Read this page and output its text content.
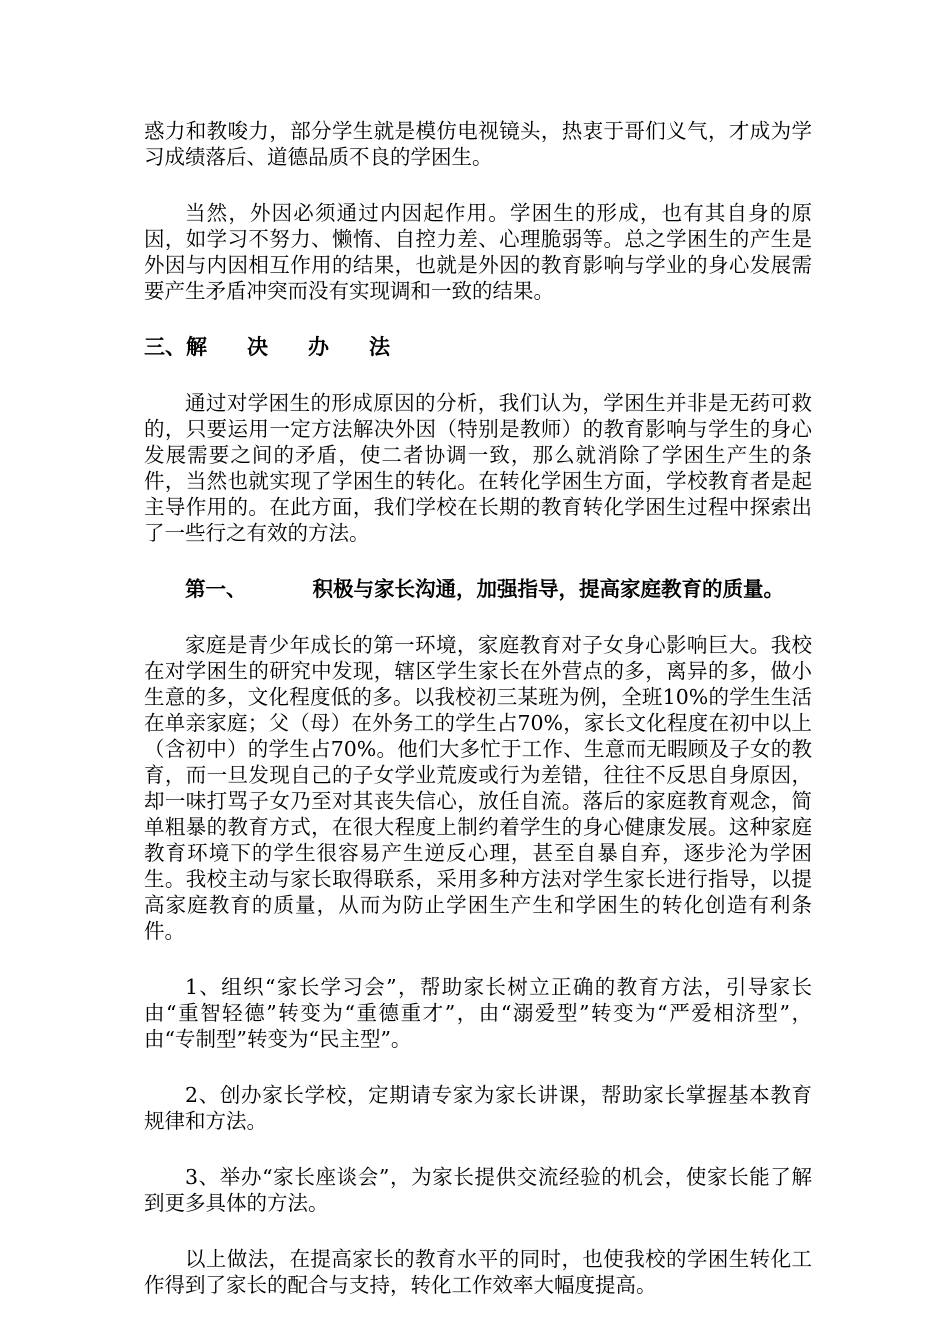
惑力和教唆力，部分学生就是模仿电视镜头，热衷于哥们义气，才成为学习成绩落后、道德品质不良的学困生。

当然，外因必须通过内因起作用。学困生的形成，也有其自身的原因，如学习不努力、懒惰、自控力差、心理脆弱等。总之学困生的产生是外因与内因相互作用的结果，也就是外因的教育影响与学业的身心发展需要产生矛盾冲突而没有实现调和一致的结果。

三、解 决 办 法

通过对学困生的形成原因的分析，我们认为，学困生并非是无药可救的，只要运用一定方法解决外因（特别是教师）的教育影响与学生的身心发展需要之间的矛盾，使二者协调一致，那么就消除了学困生产生的条件，当然也就实现了学困生的转化。在转化学困生方面，学校教育者是起主导作用的。在此方面，我们学校在长期的教育转化学困生过程中探索出了一些行之有效的方法。

第一、	积极与家长沟通，加强指导，提高家庭教育的质量。

家庭是青少年成长的第一环境，家庭教育对子女身心影响巨大。我校在对学困生的研究中发现，辖区学生家长在外营点的多，离异的多，做小生意的多，文化程度低的多。以我校初三某班为例，全班10%的学生生活在单亲家庭；父（母）在外务工的学生占70%，家长文化程度在初中以上（含初中）的学生占70%。他们大多忙于工作、生意而无暇顾及子女的教育，而一旦发现自己的子女学业荒废或行为差错，往往不反思自身原因，却一味打骂子女乃至对其丧失信心，放任自流。落后的家庭教育观念，简单粗暴的教育方式，在很大程度上制约着学生的身心健康发展。这种家庭教育环境下的学生很容易产生逆反心理，甚至自暴自弃，逐步沦为学困生。我校主动与家长取得联系，采用多种方法对学生家长进行指导，以提高家庭教育的质量，从而为防止学困生产生和学困生的转化创造有利条件。

1、组织“家长学习会”，帮助家长树立正确的教育方法，引导家长由“重智轻德”转变为“重德重才”，由“溺爱型”转变为“严爱相济型”，由“专制型”转变为“民主型”。

2、创办家长学校，定期请专家为家长讲课，帮助家长掌握基本教育规律和方法。

3、举办“家长座谈会”，为家长提供交流经验的机会，使家长能了解到更多具体的方法。

以上做法，在提高家长的教育水平的同时，也使我校的学困生转化工作得到了家长的配合与支持，转化工作效率大幅度提高。
